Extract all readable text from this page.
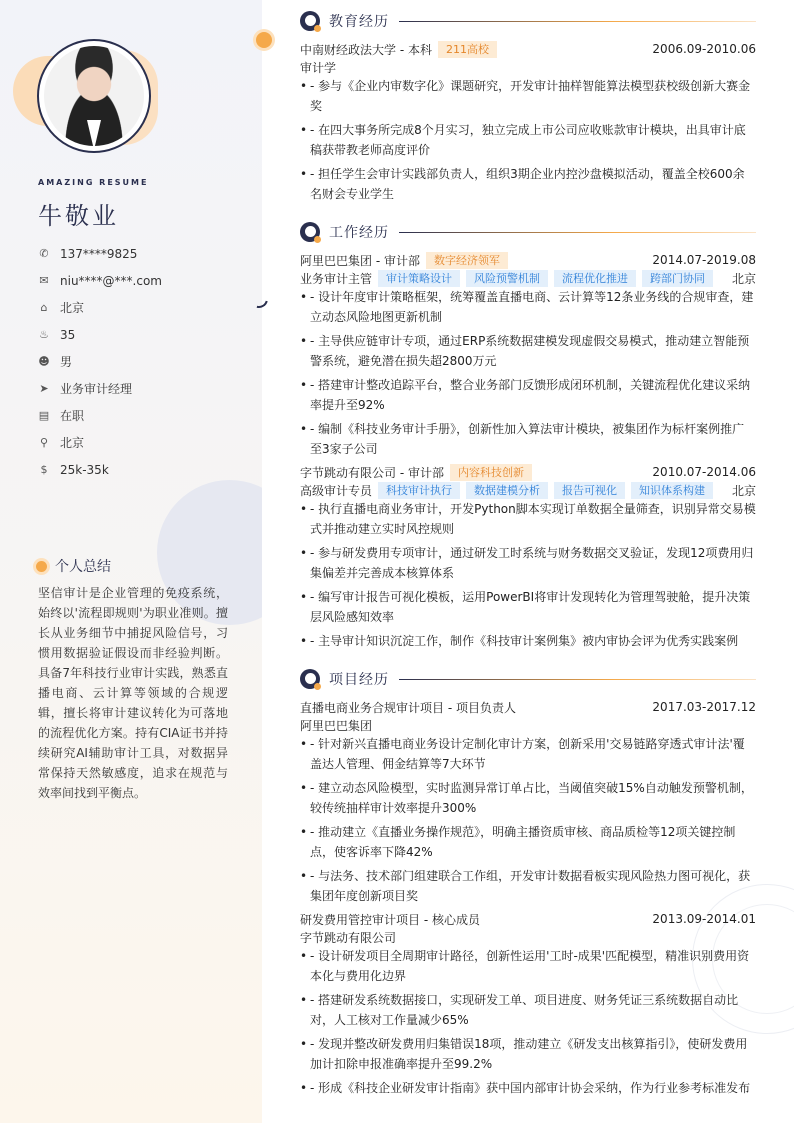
AMAZING RESUME
牛敬业
✆ 137****9825
✉ niu****@***.com
⌂ 北京
♨ 35
☻ 男
➤ 业务审计经理
▤ 在职
⚲ 北京
$ 25k-35k
个人总结
坚信审计是企业管理的免疫系统，始终以'流程即规则'为职业准则。擅长从业务细节中捕捉风险信号，习惯用数据验证假设而非经验判断。具备7年科技行业审计实践，熟悉直播电商、云计算等领域的合规逻辑，擅长将审计建议转化为可落地的流程优化方案。持有CIA证书并持续研究AI辅助审计工具，对数据异常保持天然敏感度，追求在规范与效率间找到平衡点。
教育经历
中南财经政法大学 - 本科	211高校	2006.09-2010.06
审计学
• - 参与《企业内审数字化》课题研究，开发审计抽样智能算法模型获校级创新大赛金奖
• - 在四大事务所完成8个月实习，独立完成上市公司应收账款审计模块，出具审计底稿获带教老师高度评价
• - 担任学生会审计实践部负责人，组织3期企业内控沙盘模拟活动，覆盖全校600余名财会专业学生
工作经历
阿里巴巴集团 - 审计部	数字经济领军	2014.07-2019.08
业务审计主管	审计策略设计	风险预警机制	流程优化推进	跨部门协同	北京
• - 设计年度审计策略框架，统筹覆盖直播电商、云计算等12条业务线的合规审查，建立动态风险地图更新机制
• - 主导供应链审计专项，通过ERP系统数据建模发现虚假交易模式，推动建立智能预警系统，避免潜在损失超2800万元
• - 搭建审计整改追踪平台，整合业务部门反馈形成闭环机制，关键流程优化建议采纳率提升至92%
• - 编制《科技业务审计手册》，创新性加入算法审计模块，被集团作为标杆案例推广至3家子公司
字节跳动有限公司 - 审计部	内容科技创新	2010.07-2014.06
高级审计专员	科技审计执行	数据建模分析	报告可视化	知识体系构建	北京
• - 执行直播电商业务审计，开发Python脚本实现订单数据全量筛查，识别异常交易模式并推动建立实时风控规则
• - 参与研发费用专项审计，通过研发工时系统与财务数据交叉验证，发现12项费用归集偏差并完善成本核算体系
• - 编写审计报告可视化模板，运用PowerBI将审计发现转化为管理驾驶舱，提升决策层风险感知效率
• - 主导审计知识沉淀工作，制作《科技审计案例集》被内审协会评为优秀实践案例
项目经历
直播电商业务合规审计项目 - 项目负责人	2017.03-2017.12
阿里巴巴集团
• - 针对新兴直播电商业务设计定制化审计方案，创新采用'交易链路穿透式审计法'覆盖达人管理、佣金结算等7大环节
• - 建立动态风险模型，实时监测异常订单占比，当阈值突破15%自动触发预警机制，较传统抽样审计效率提升300%
• - 推动建立《直播业务操作规范》，明确主播资质审核、商品质检等12项关键控制点，使客诉率下降42%
• - 与法务、技术部门组建联合工作组，开发审计数据看板实现风险热力图可视化，获集团年度创新项目奖
研发费用管控审计项目 - 核心成员	2013.09-2014.01
字节跳动有限公司
• - 设计研发项目全周期审计路径，创新性运用'工时-成果'匹配模型，精准识别费用资本化与费用化边界
• - 搭建研发系统数据接口，实现研发工单、项目进度、财务凭证三系统数据自动比对，人工核对工作量减少65%
• - 发现并整改研发费用归集错误18项，推动建立《研发支出核算指引》，使研发费用加计扣除申报准确率提升至99.2%
• - 形成《科技企业研发审计指南》获中国内部审计协会采纳，作为行业参考标准发布
